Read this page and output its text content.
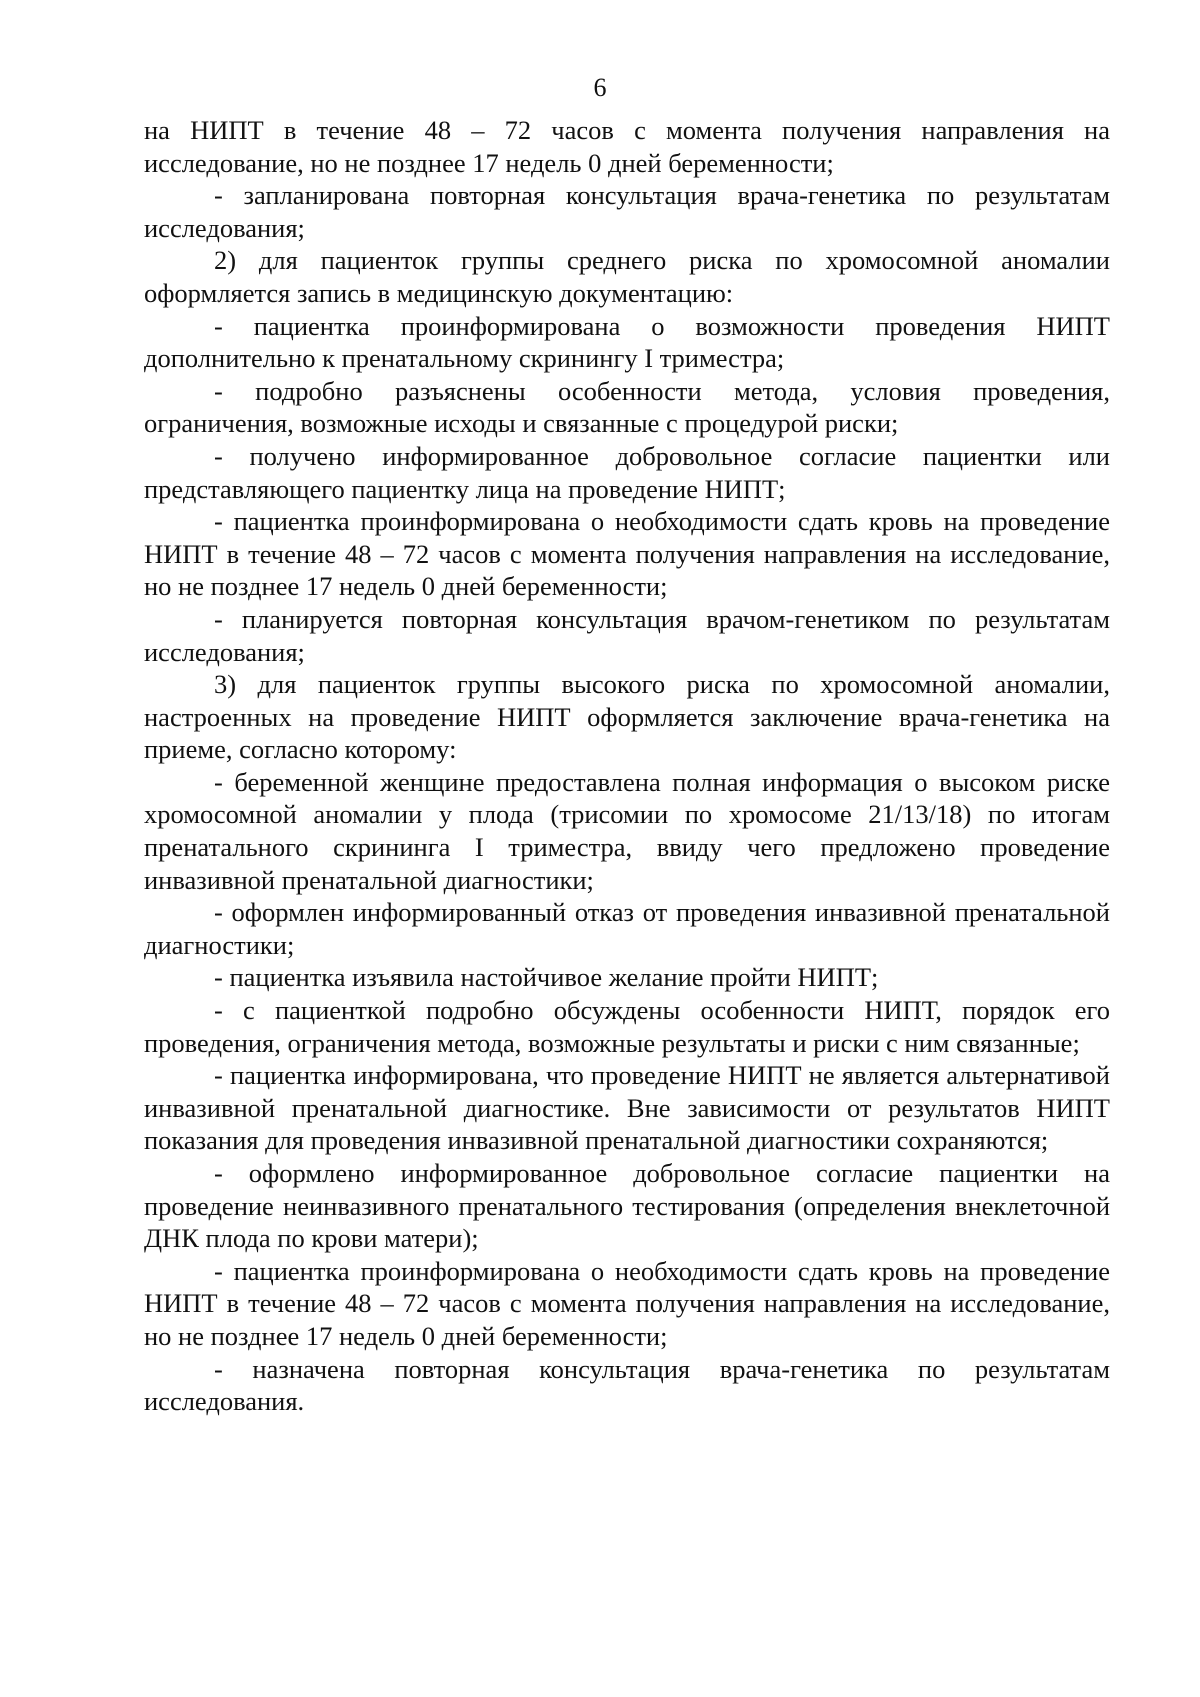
6

на НИПТ в течение 48 – 72 часов с момента получения направления на исследование, но не позднее 17 недель 0 дней беременности;

- запланирована повторная консультация врача-генетика по результатам исследования;

2) для пациенток группы среднего риска по хромосомной аномалии оформляется запись в медицинскую документацию:

- пациентка проинформирована о возможности проведения НИПТ дополнительно к пренатальному скринингу I триместра;

- подробно разъяснены особенности метода, условия проведения, ограничения, возможные исходы и связанные с процедурой риски;

- получено информированное добровольное согласие пациентки или представляющего пациентку лица на проведение НИПТ;

- пациентка проинформирована о необходимости сдать кровь на проведение НИПТ в течение 48 – 72 часов с момента получения направления на исследование, но не позднее 17 недель 0 дней беременности;

- планируется повторная консультация врачом-генетиком по результатам исследования;

3) для пациенток группы высокого риска по хромосомной аномалии, настроенных на проведение НИПТ оформляется заключение врача-генетика на приеме, согласно которому:

- беременной женщине предоставлена полная информация о высоком риске хромосомной аномалии у плода (трисомии по хромосоме 21/13/18) по итогам пренатального скрининга I триместра, ввиду чего предложено проведение инвазивной пренатальной диагностики;

- оформлен информированный отказ от проведения инвазивной пренатальной диагностики;

- пациентка изъявила настойчивое желание пройти НИПТ;

- с пациенткой подробно обсуждены особенности НИПТ, порядок его проведения, ограничения метода, возможные результаты и риски с ним связанные;

- пациентка информирована, что проведение НИПТ не является альтернативой инвазивной пренатальной диагностике. Вне зависимости от результатов НИПТ показания для проведения инвазивной пренатальной диагностики сохраняются;

- оформлено информированное добровольное согласие пациентки на проведение неинвазивного пренатального тестирования (определения внеклеточной ДНК плода по крови матери);

- пациентка проинформирована о необходимости сдать кровь на проведение НИПТ в течение 48 – 72 часов с момента получения направления на исследование, но не позднее 17 недель 0 дней беременности;

- назначена повторная консультация врача-генетика по результатам исследования.
